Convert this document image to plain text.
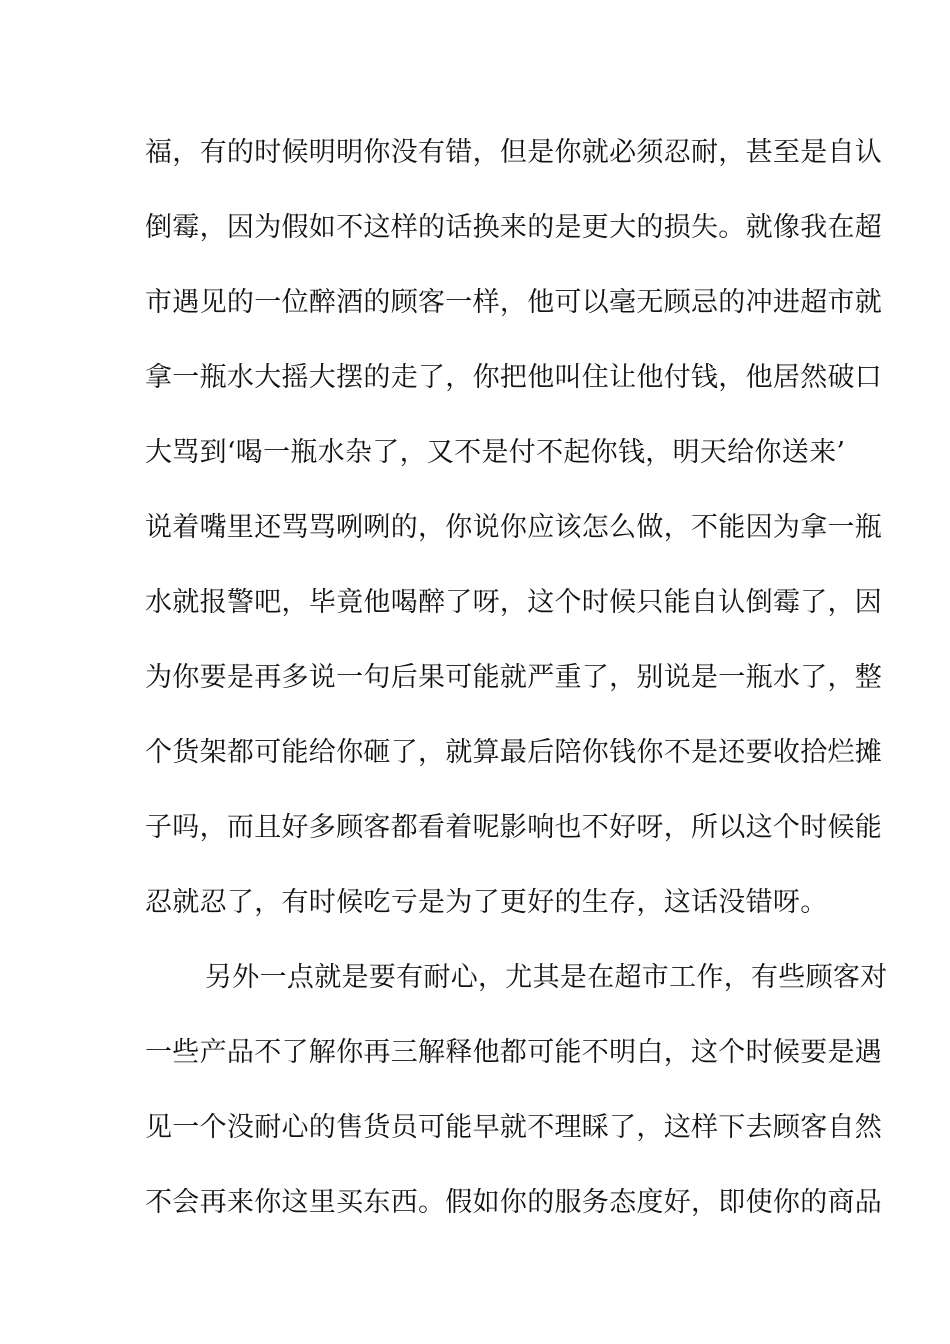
福，有的时候明明你没有错，但是你就必须忍耐，甚至是自认
倒霉，因为假如不这样的话换来的是更大的损失。就像我在超
市遇见的一位醉酒的顾客一样，他可以毫无顾忌的冲进超市就
拿一瓶水大摇大摆的走了，你把他叫住让他付钱，他居然破口
大骂到‘喝一瓶水杂了，又不是付不起你钱，明天给你送来’
说着嘴里还骂骂咧咧的，你说你应该怎么做，不能因为拿一瓶
水就报警吧，毕竟他喝醉了呀，这个时候只能自认倒霉了，因
为你要是再多说一句后果可能就严重了，别说是一瓶水了，整
个货架都可能给你砸了，就算最后陪你钱你不是还要收拾烂摊
子吗，而且好多顾客都看着呢影响也不好呀，所以这个时候能
忍就忍了，有时候吃亏是为了更好的生存，这话没错呀。
另外一点就是要有耐心，尤其是在超市工作，有些顾客对
一些产品不了解你再三解释他都可能不明白，这个时候要是遇
见一个没耐心的售货员可能早就不理睬了，这样下去顾客自然
不会再来你这里买东西。假如你的服务态度好，即使你的商品
